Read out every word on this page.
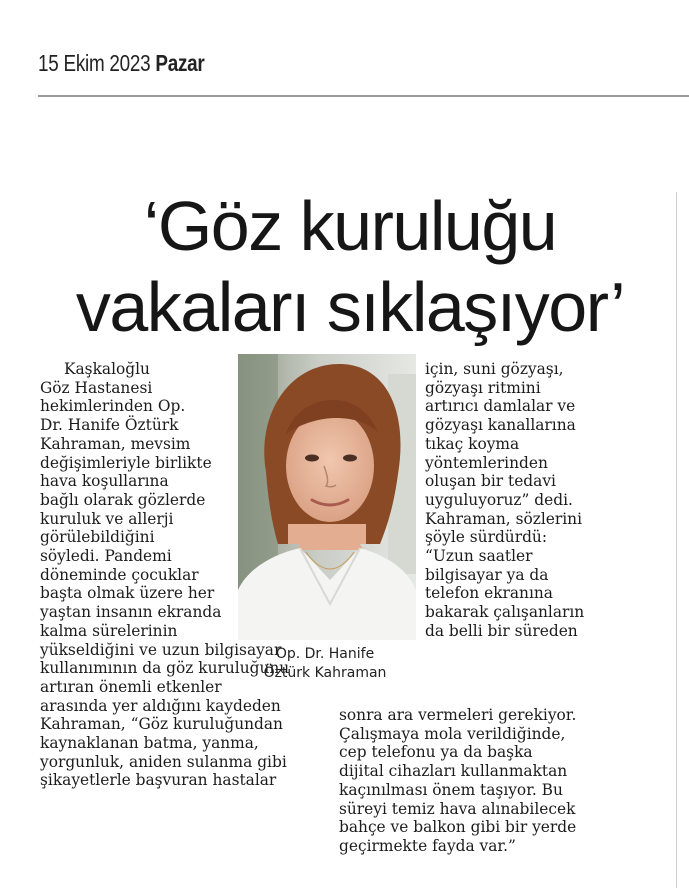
15 Ekim 2023 Pazar
‘Göz kuruluğu
vakaları sıklaşıyor’
Kaşkaloğlu
Göz Hastanesi
hekimlerinden Op.
Dr. Hanife Öztürk
Kahraman, mevsim
değişimleriyle birlikte
hava koşullarına
bağlı olarak gözlerde
kuruluk ve allerji
görülebildiğini
söyledi. Pandemi
döneminde çocuklar
başta olmak üzere her
yaştan insanın ekranda
kalma sürelerinin
yükseldiğini ve uzun bilgisayar
kullanımının da göz kuruluğunu
artıran önemli etkenler
arasında yer aldığını kaydeden
Kahraman, “Göz kuruluğundan
kaynaklanan batma, yanma,
yorgunluk, aniden sulanma gibi
şikayetlerle başvuran hastalar
Op. Dr. Hanife
Öztürk Kahraman
için, suni gözyaşı,
gözyaşı ritmini
artırıcı damlalar ve
gözyaşı kanallarına
tıkaç koyma
yöntemlerinden
oluşan bir tedavi
uyguluyoruz” dedi.
Kahraman, sözlerini
şöyle sürdürdü:
“Uzun saatler
bilgisayar ya da
telefon ekranına
bakarak çalışanların
da belli bir süreden
sonra ara vermeleri gerekiyor.
Çalışmaya mola verildiğinde,
cep telefonu ya da başka
dijital cihazları kullanmaktan
kaçınılması önem taşıyor. Bu
süreyi temiz hava alınabilecek
bahçe ve balkon gibi bir yerde
geçirmekte fayda var.”
